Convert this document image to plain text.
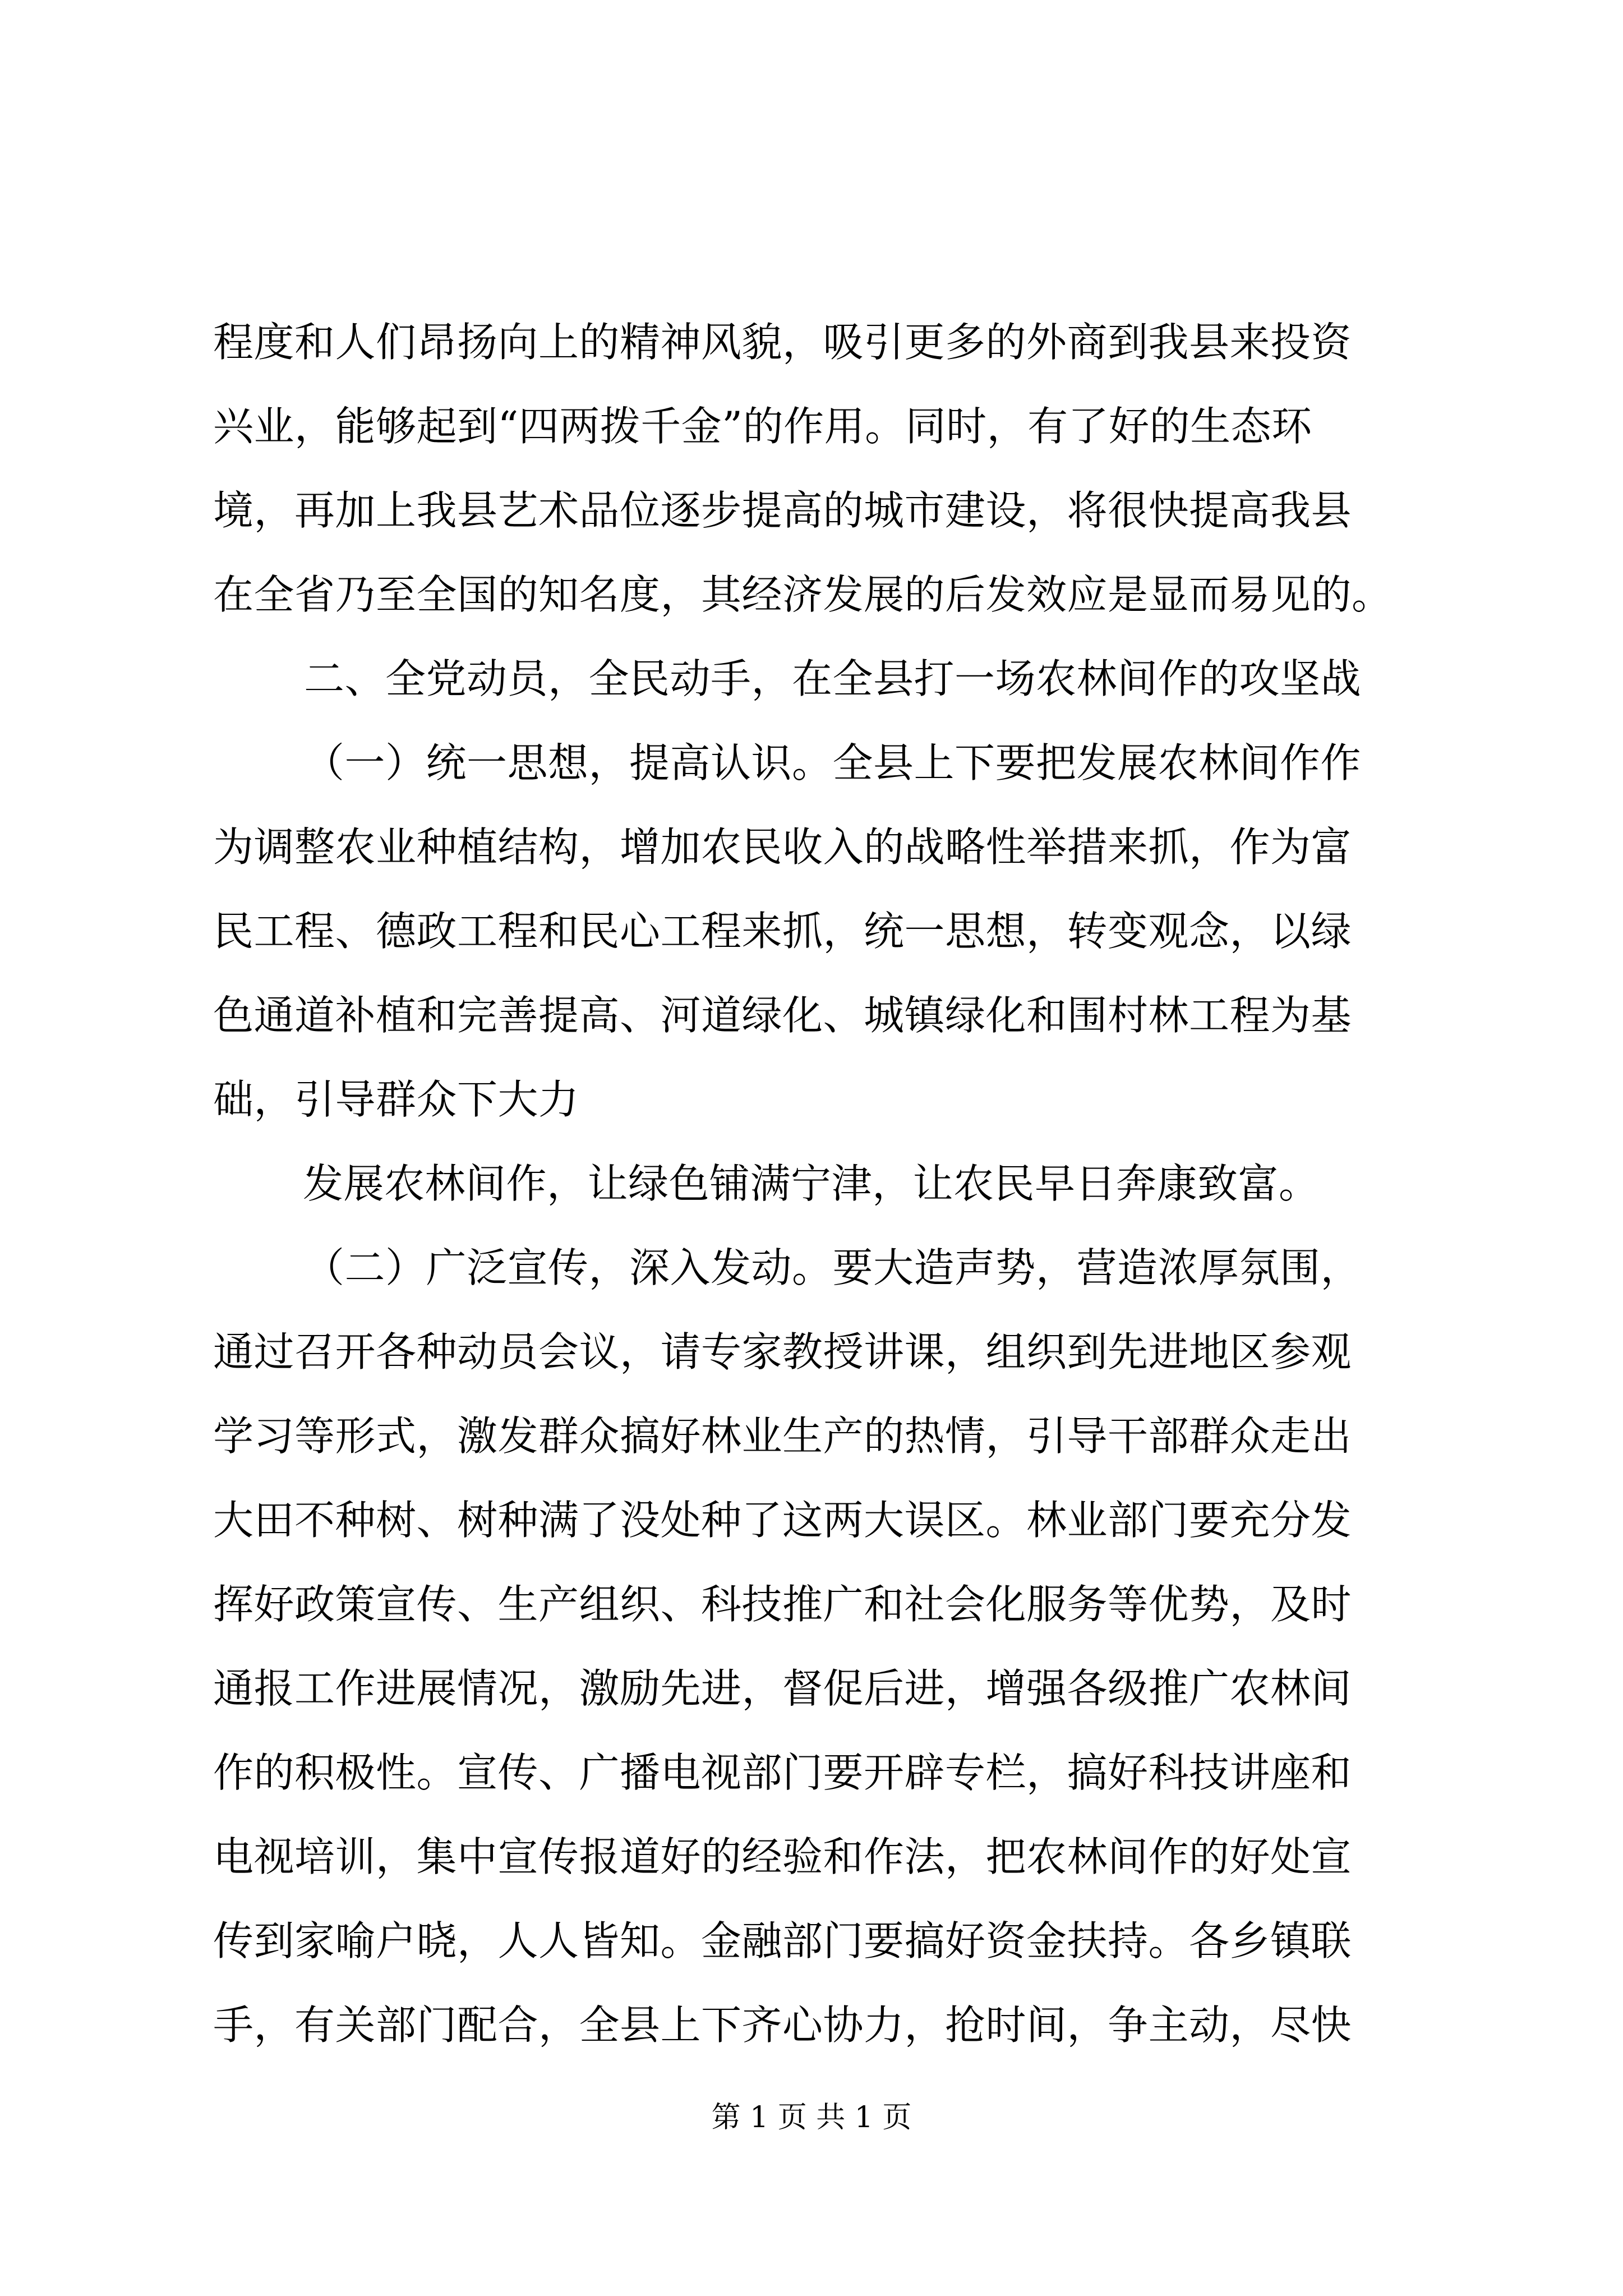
程度和人们昂扬向上的精神风貌，吸引更多的外商到我县来投资
兴业，能够起到“四两拨千金”的作用。同时，有了好的生态环
境，再加上我县艺术品位逐步提高的城市建设，将很快提高我县
在全省乃至全国的知名度，其经济发展的后发效应是显而易见的。
二、全党动员，全民动手，在全县打一场农林间作的攻坚战
（一）统一思想，提高认识。全县上下要把发展农林间作作
为调整农业种植结构，增加农民收入的战略性举措来抓，作为富
民工程、德政工程和民心工程来抓，统一思想，转变观念，以绿
色通道补植和完善提高、河道绿化、城镇绿化和围村林工程为基
础，引导群众下大力
发展农林间作，让绿色铺满宁津，让农民早日奔康致富。
（二）广泛宣传，深入发动。要大造声势，营造浓厚氛围，
通过召开各种动员会议，请专家教授讲课，组织到先进地区参观
学习等形式，激发群众搞好林业生产的热情，引导干部群众走出
大田不种树、树种满了没处种了这两大误区。林业部门要充分发
挥好政策宣传、生产组织、科技推广和社会化服务等优势，及时
通报工作进展情况，激励先进，督促后进，增强各级推广农林间
作的积极性。宣传、广播电视部门要开辟专栏，搞好科技讲座和
电视培训，集中宣传报道好的经验和作法，把农林间作的好处宣
传到家喻户晓，人人皆知。金融部门要搞好资金扶持。各乡镇联
手，有关部门配合，全县上下齐心协力，抢时间，争主动，尽快
第 1 页 共 1 页
